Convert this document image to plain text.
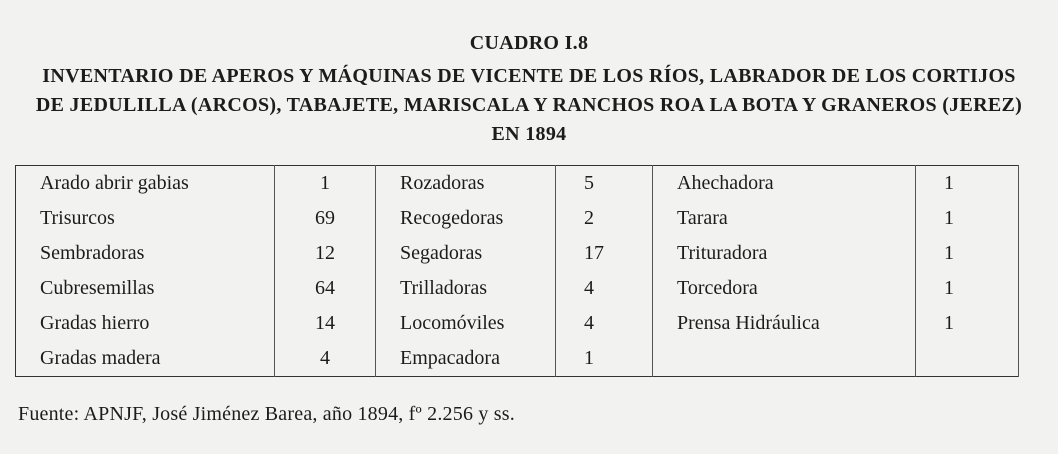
CUADRO I.8
INVENTARIO DE APEROS Y MÁQUINAS DE VICENTE DE LOS RÍOS, LABRADOR DE LOS CORTIJOS DE JEDULILLA (ARCOS), TABAJETE, MARISCALA Y RANCHOS ROA LA BOTA Y GRANEROS (JEREZ) EN 1894
Arado abrir gabias	1	Rozadoras	5	Ahechadora	1
Trisurcos	69	Recogedoras	2	Tarara	1
Sembradoras	12	Segadoras	17	Trituradora	1
Cubresemillas	64	Trilladoras	4	Torcedora	1
Gradas hierro	14	Locomóviles	4	Prensa Hidráulica	1
Gradas madera	4	Empacadora	1		
Fuente: APNJF, José Jiménez Barea, año 1894, fº 2.256 y ss.
